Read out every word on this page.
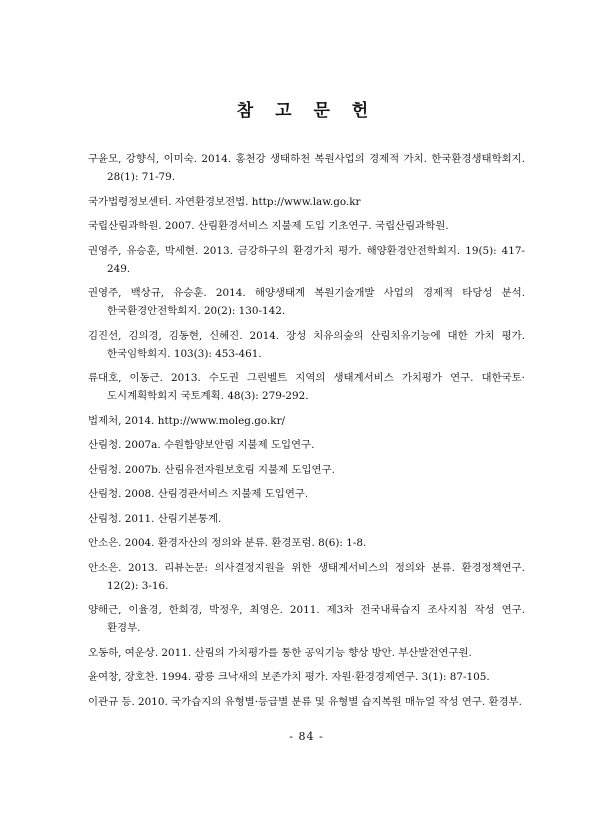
참 고 문 헌
구윤모, 강향식, 이미숙. 2014. 홍천강 생태하천 복원사업의 경제적 가치. 한국환경생태학회지. 28(1): 71-79.
국가법령정보센터. 자연환경보전법. http://www.law.go.kr
국립산림과학원. 2007. 산림환경서비스 지불제 도입 기초연구. 국립산림과학원.
권영주, 유승훈, 박세현. 2013. 금강하구의 환경가치 평가. 해양환경안전학회지. 19(5): 417-249.
권영주, 백상규, 유승훈. 2014. 해양생태계 복원기술개발 사업의 경제적 타당성 분석. 한국환경안전학회지. 20(2): 130-142.
김진선, 김의경, 김동현, 신혜진. 2014. 장성 치유의숲의 산림치유기능에 대한 가치 평가. 한국임학회지. 103(3): 453-461.
류대호, 이동근. 2013. 수도권 그린벨트 지역의 생태계서비스 가치평가 연구. 대한국토·도시계획학회지 국토계획. 48(3): 279-292.
법제처, 2014. http://www.moleg.go.kr/
산림청. 2007a. 수원함양보안림 지불제 도입연구.
산림청. 2007b. 산림유전자원보호림 지불제 도입연구.
산림청. 2008. 산림경관서비스 지불제 도입연구.
산림청. 2011. 산림기본통계.
안소은. 2004. 환경자산의 정의와 분류. 환경포럼. 8(6): 1-8.
안소은. 2013. 리뷰논문: 의사결정지원을 위한 생태계서비스의 정의와 분류. 환경정책연구. 12(2): 3-16.
양해근, 이율경, 한희경, 박정우, 최영은. 2011. 제3차 전국내륙습지 조사지침 작성 연구. 환경부.
오동하, 여운상. 2011. 산림의 가치평가를 통한 공익기능 향상 방안. 부산발전연구원.
윤여창, 장호찬. 1994. 광릉 크낙새의 보존가치 평가. 자원·환경경제연구. 3(1): 87-105.
이관규 등. 2010. 국가습지의 유형별·등급별 분류 및 유형별 습지복원 매뉴얼 작성 연구. 환경부.
- 84 -
